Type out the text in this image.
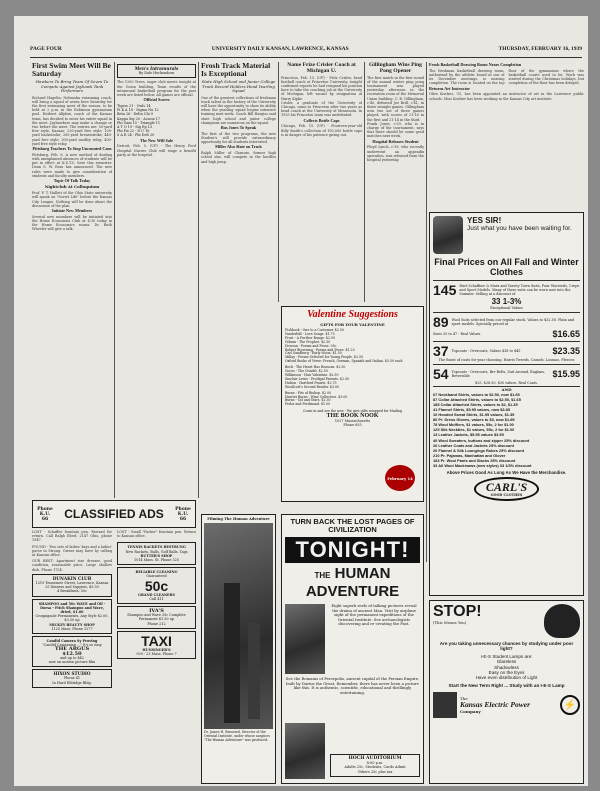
PAGE FOUR	UNIVERSITY DAILY KANSAN, LAWRENCE, KANSAS	THURSDAY, FEBRUARY 16, 1939
First Swim Meet Will Be Saturday
Hawkers To Bring Team Of Seven To Compete Against Jayhawk Tank Performers
Richard Hagelin, Nebraska swimming coach, will bring a squad of seven here Saturday for the first swimming meet of the season, to be held at 2 p.m. in the Robinson gymnasium pool. Herbert Allphin, coach of the Kansas team, has decided to enter his entire squad in the meet. Jayhawkers may make a change or two before the meet. The entries are: 50-yard free style, Kansas; 220-yard free style; 100-yard backstroke; 200-yard breaststroke; 440-yard free style; 300-yard medley relay; 400-yard free style relay.
Pittsburg Teachers To Stop Uncounted Cans
Pittsburg, Feb. 6. A new method of dealing with unexplained absences of students will be put in effect at K.S.T.C. here this semester. Dean S. W. Ross has announced. The new rules were made to give consideration of students and faculty members.
Topic Of Talk Today
Nightclub At Colloquium
Prof. F. T. Hallett of the Ohio State university will speak on "Soviet Life" before the Kansas City League. Nothing will be done about the discussion of the plan.
Initiate New Members
Several new members will be initiated into the Home Economics Club at 4:30 today in the Home Economics rooms. Dr. Ruth Wheeler will give a talk.
Men's Intramurals
By Dale Heckendorn
The 1200 Trees, eager club meets tonight at the Union building. Team results of the intramural basketball program for the past week are listed below. All games are official.
Official Scores
Tigers 21 - Owls 14
Pi K A 18 - Sigma Nu 12
Beta 26 - Delta Chi 9
Kappa Sig 20 - Acacia 17
Phi Gam 15 - Triangle 11
A T O 19 - Sig Ep 13
Phi Psi 22 - D U 16
S A E 24 - Phi Delt 20
The New Will Sale
Detroit, Feb. 5. (UP) - The Henry Ford Hospital Nurses Club will stage a benefit party at the hospital.
Frosh Track Material Is Exceptional
State High School and Junior College Track Record Holders Head Yearling Squad
One of the greatest collections of freshman track talent in the history of the University will have the opportunity to show its ability when the yearling squad begins intensive training next week. Coach Bill Hargiss said state high school and junior college champions are numerous on the squad.
Bus Jones To Speak
The first of the two programs, the new Student's will provide extraordinary opportunity for all students interested.
Miller Also Slate on Track
Ralph Miller of Chanute, former high school star, will compete in the hurdles and high jump.
Name Frize Crisler Coach at Michigan U.
Princeton, Feb. 15. (UP) - Fritz Crisler, head football coach at Princeton University, tonight confirmed reports he had resigned his position here to take the coaching job at the University of Michigan, left vacant by resignation of Harry Kipke.
Crisler, a graduate of the University of Chicago, came to Princeton after two years as head coach at the University of Minnesota. In 1935 his Princeton team was undefeated.
Collects Bottle Caps
Chicago, Feb. 15. (UP) - Fourteen-year-old Billy Smith's collection of 150,000 bottle caps is in danger of his patience giving out.
Gillingham Wins Ping Pong Opener
The first match in the first round of the annual winter ping pong tournament was played yesterday afternoon in the recreation room of the Memorial Union building. C. B. Gillingham, c'40, defeated Joe Brill, c'41, in three straight games. Gillingham won two out of three games played, with scores of 21-16 in the first and 21-14 in the third.
Frank Jones, c'39, who is in charge of the tournament, says that there should be some good matches next week.
Hospital Releases Student
Floyd Lynch, c'39, who recently underwent an appendix operation, was released from the hospital yesterday.
Frosh Basketball Drawing Room Nears Completion
The freshman basketball drawing room, authorized by the athletic board at one of its December meetings, is nearing completion. The room is located on the top floor of the gymnasium where the basketball courts used to be. Work was started during the Christmas holidays, but completion of the floor has been delayed.
Returns Art Instructor
Olive Koelzer, '31, has been appointed an instructor of art in the Lawrence public schools. Miss Koelzer has been working in the Kansas City art institute.
Valentine Suggestions
GIFTS FOR YOUR VALENTINE
Fishback - One to a Customer. $2.50
Vanderbilt - Love Songs. $1.75
Frost - A Further Range. $2.50
Gibran - The Prophet. $2.50
Dowson - Poems and Prose. 95c
Robert Browning - Poems and Prose. $1.25
Carl Sandburg - Early Moon. $1.50
Millay - Poems Selected for Young People. $2.50
Oxford Books of Verse: French, German, Spanish and Italian. $3.50 each
Beck - The Heart Has Reasons. $2.50
Gocos - The Citadel. $2.50
Wilkinson - Hair Valentine. $2.50
Sinclair Lewis - Prodigal Parents. $2.50
Hulton - Hartford Prairie. $2.75
Woollcott's Second Reader. $3.00
Burns - Fits of Bishop. $2.00
Harriet Burns - Wine Collectors. $3.00
Burns - Sol and Stars. $2.50
Fedor and Ferdinand. $1.00
Come in and see the new - We give gifts wrapped for Mailing
THE BOOK NOOK
1027 Massachusetts
Phone 655
February 14
Phone K.U. 66	CLASSIFIED ADS	Phone K.U. 66
LOST - Schaffer fountain pen. Reward for return. Call Ralph Eberl. 2147 Ohio, phone 1947.
FOUND - Two sets of ladies' keys and a ladies' purse in Strong. Owner may have by calling at Kansan office.
OUR BEST: Apartment size dresser, good condition, reasonable price, Large shallow dish. Phone 1754.
DUNAKIN CLUB
1219 Tennessee Street, Lawrence, Kansas
25 Dinners and Suppers, $5.50
4 Breakfasts, 50c
SHAMPOO and 50c WAVE and Oil - Dorsa - Fitch Shampoo and Wave, dried, $1.00
Croquignole Permanents, Any Style $2.00, $3.50 up
MICKEY BEAUTY SHOP
1125 Mass. Phone 1277
Candid Camera Sy Proving
"Candid Cameraing ..." It's so easy
THE ARGUS
$12.50
and up to $42
now on motion picture film
HIXON STUDIO
Phone 41
In Hurd Eldridge Bldg.
LOST - Small "Parker" fountain pen. Return to Kansan office.
TENNIS RACKETS RESTRUNG
New Rackets, Balls, Golf Balls, Tags
RUTTER'S SHOP
1014 Mass. St. Phone 325
RELIABLE CLEANING
Guaranteed
50c
GRAND CLEANERS
Call 411
IVA'S
Shampoo and Wave 35c Complete Permanent $1.50 up
Phone 212
TAXI
HUNSINGER'S
939 - 23 Mass. Phone 7
Filming The Human Adventure
Dr. James H. Breasted, Director of the Oriental Institute, under whose auspices "The Human Adventure" was produced.
TURN BACK THE LOST PAGES OF CIVILIZATION
TONIGHT!
THE HUMAN
ADVENTURE
Eight superb reels of talking pictures reveal the drama of ancient Man. Visit by airplane sight of the permanent expeditions of the Oriental Institute. See archaeologists discovering and re-creating the Past.
See the Remains of Persepolis, ancient capital of the Persian Empire, built by Darius the Great. Remember, there has never been a picture like this. It is authentic, scientific, educational and thrillingly entertaining.
HOCH AUDITORIUM
8:00 p.m.
Adults 25c, Students, Cards Admit
Others 25c plus tax
YES SIR!
Just what you have been waiting for.
Final Prices on All Fall and Winter Clothes
145 Hart Schaffner & Marx and Varsity Town Suits, Four Worsteds, Crepe and Sport Models. Many of these suits can be worn now into the Summer. Selling at a discount of
33 1-3%
Exceptional Values
89 Wool Suits selected from our regular stock. Values to $32.50. Plain and sport models. Specially priced at
Sizes 35 to 47 - Real Values	$16.65
37 Topcoats - Overcoats, Values $38 to $45	$23.35
The finest of coats for your choosing. Harris Tweeds, Camels, Loomas, Fleeces
54 Topcoats - Overcoats, Brr Belts, Suit Around, Raglans, Reversible	$15.95
$25, $28.50, $30 values. Real Coats.
AND
67 Neckband Shirts, values to $2.50, now $1.65
87 Collar Attached Shirts, values to $2.50, $1.65
185 Collar Attached Shirts, values to $2, $1.35
41 Flannel Shirts, $5.95 values, now $3.85
10 Hooded Sweat Shirts, $1.95 values, $1.35
80 Pr. Dress Gloves, values to $3, now $1.85
78 Wool Mufflers, $1 values, 55c, 2 for $1.00
125 Silk Neckties, $1 values, 55c, 2 for $1.00
13 Leather Jackets, $5.95 values $3.95
40 Wool Sweaters, buttons and zipper 25% discount
26 Leather Coats and Jackets 25% discount
20 Flannel & Silk Loungings Robes 25% discount
210 Pr. Pajamas, Manhattan and Glover
183 Pr. Wool Pants and Slacks 25% discount
33 All Wool Mackinaws (new styles) 33 1/3% discount
Above Prices Good As Long As We Have the Merchandise.
CARL'S
GOOD CLOTHES
STOP!
(This Means You)
Are you taking unnecessary chances by studying under poor light?
I-E-S Student Lamps are:
Glareless
Shadowless
Easy on the Eyes
Have even distribution of Light
Start the New Term Right ... Study with an I-E-S Lamp
The
Kansas Electric Power
Company
⚡
